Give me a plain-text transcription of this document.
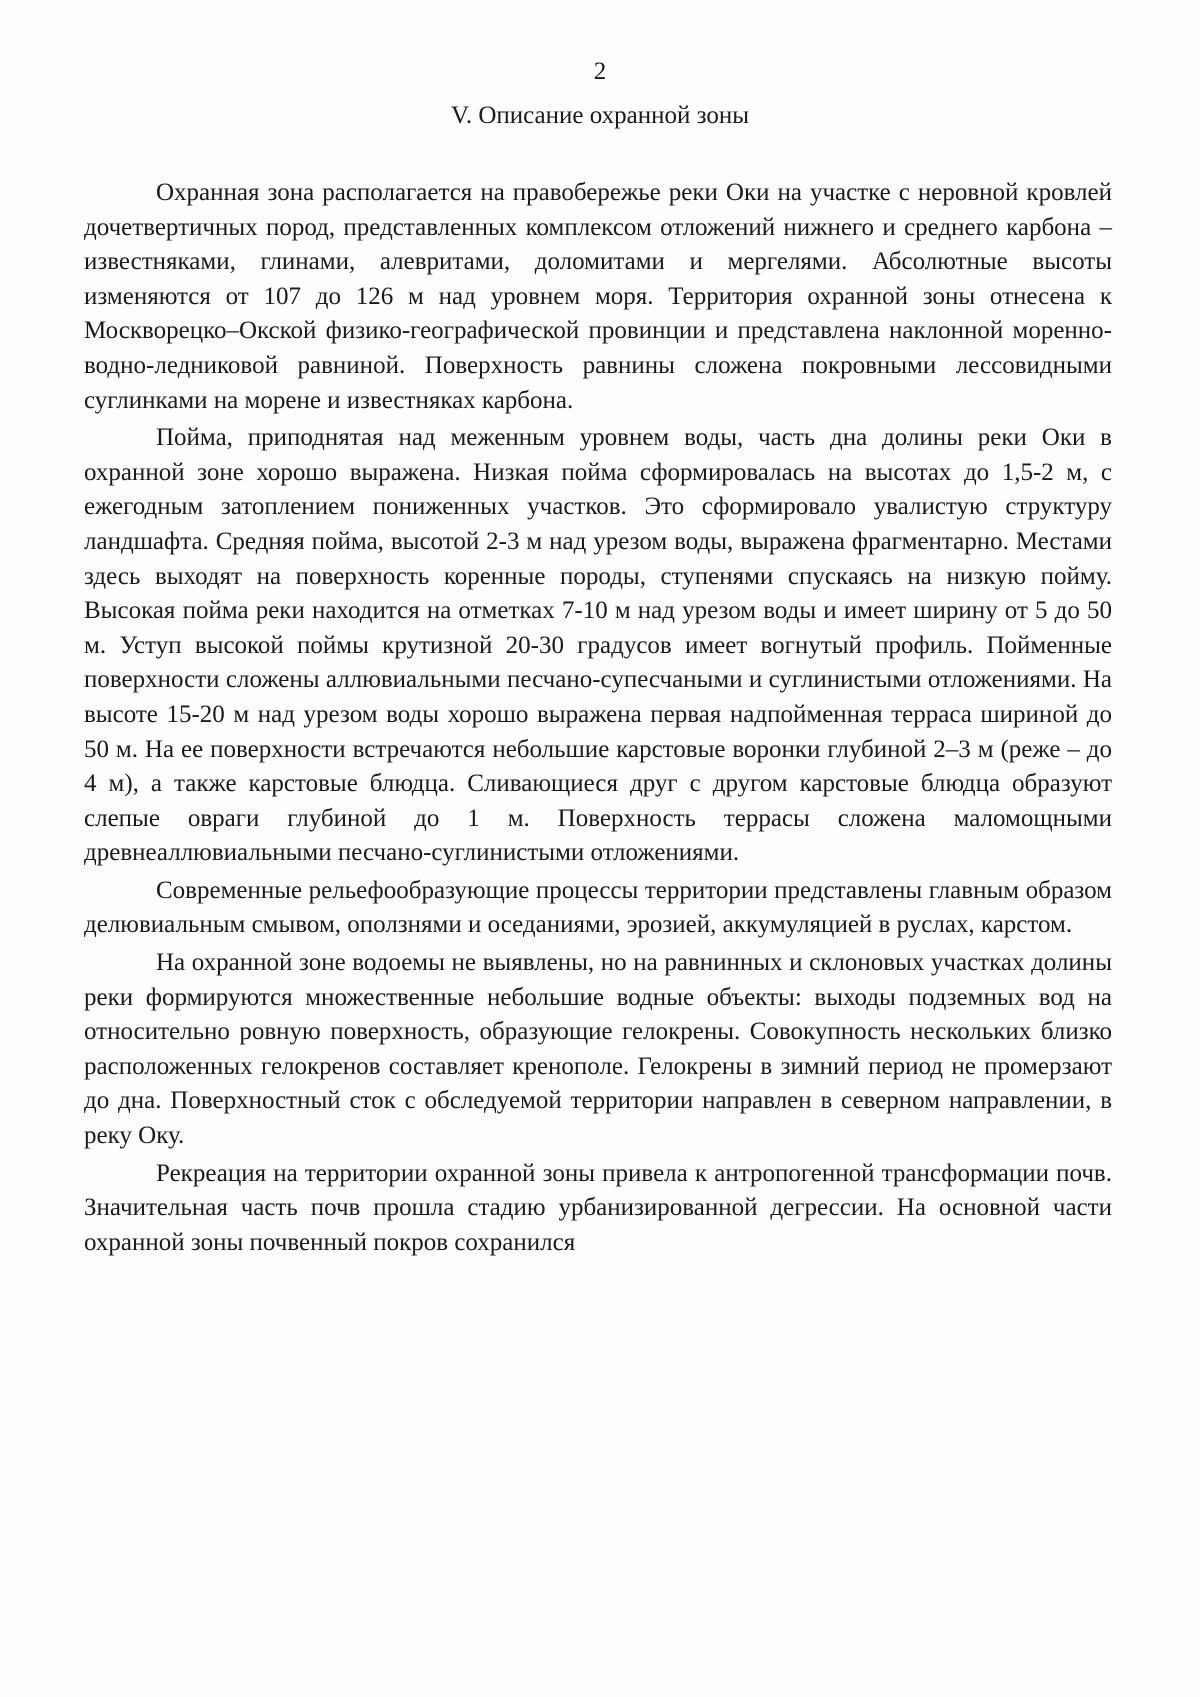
2
V. Описание охранной зоны

Охранная зона располагается на правобережье реки Оки на участке с неровной кровлей дочетвертичных пород, представленных комплексом отложений нижнего и среднего карбона – известняками, глинами, алевритами, доломитами и мергелями. Абсолютные высоты изменяются от 107 до 126 м над уровнем моря. Территория охранной зоны отнесена к Москворецко–Окской физико-географической провинции и представлена наклонной моренно-водно-ледниковой равниной. Поверхность равнины сложена покровными лессовидными суглинками на морене и известняках карбона.

Пойма, приподнятая над меженным уровнем воды, часть дна долины реки Оки в охранной зоне хорошо выражена. Низкая пойма сформировалась на высотах до 1,5-2 м, с ежегодным затоплением пониженных участков. Это сформировало увалистую структуру ландшафта. Средняя пойма, высотой 2-3 м над урезом воды, выражена фрагментарно. Местами здесь выходят на поверхность коренные породы, ступенями спускаясь на низкую пойму. Высокая пойма реки находится на отметках 7-10 м над урезом воды и имеет ширину от 5 до 50 м. Уступ высокой поймы крутизной 20-30 градусов имеет вогнутый профиль. Пойменные поверхности сложены аллювиальными песчано-супесчаными и суглинистыми отложениями. На высоте 15-20 м над урезом воды хорошо выражена первая надпойменная терраса шириной до 50 м. На ее поверхности встречаются небольшие карстовые воронки глубиной 2–3 м (реже – до 4 м), а также карстовые блюдца. Сливающиеся друг с другом карстовые блюдца образуют слепые овраги глубиной до 1 м. Поверхность террасы сложена маломощными древнеаллювиальными песчано-суглинистыми отложениями.

Современные рельефообразующие процессы территории представлены главным образом делювиальным смывом, оползнями и оседаниями, эрозией, аккумуляцией в руслах, карстом.

На охранной зоне водоемы не выявлены, но на равнинных и склоновых участках долины реки формируются множественные небольшие водные объекты: выходы подземных вод на относительно ровную поверхность, образующие гелокрены. Совокупность нескольких близко расположенных гелокренов составляет кренополе. Гелокрены в зимний период не промерзают до дна. Поверхностный сток с обследуемой территории направлен в северном направлении, в реку Оку.

Рекреация на территории охранной зоны привела к антропогенной трансформации почв. Значительная часть почв прошла стадию урбанизированной дегрессии. На основной части охранной зоны почвенный покров сохранился
